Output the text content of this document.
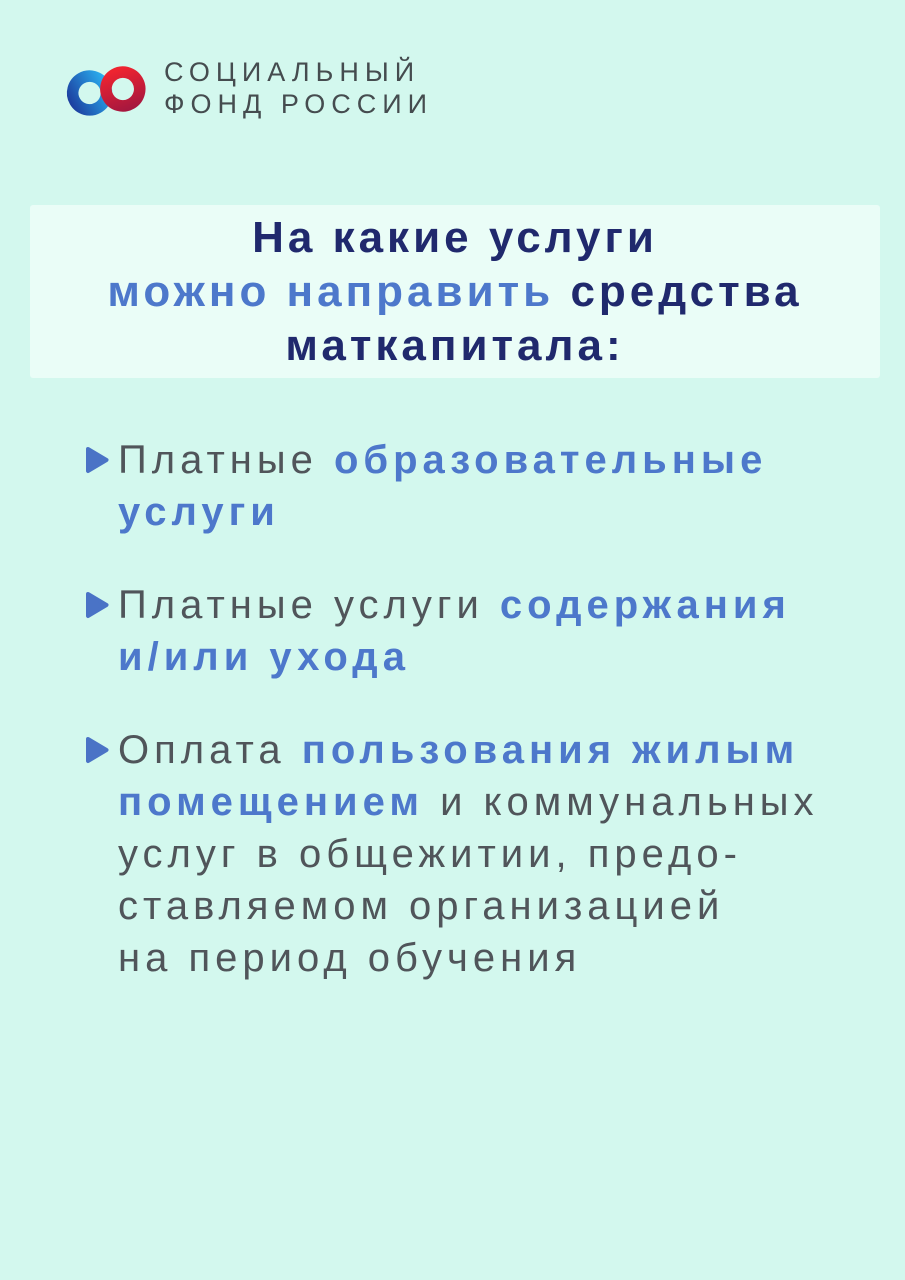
СОЦИАЛЬНЫЙ
ФОНД РОССИИ
На какие услуги
можно направить средства
маткапитала:
Платные образовательные
услуги
Платные услуги содержания
и/или ухода
Оплата пользования жилым
помещением и коммунальных
услуг в общежитии, предо-
ставляемом организацией
на период обучения
